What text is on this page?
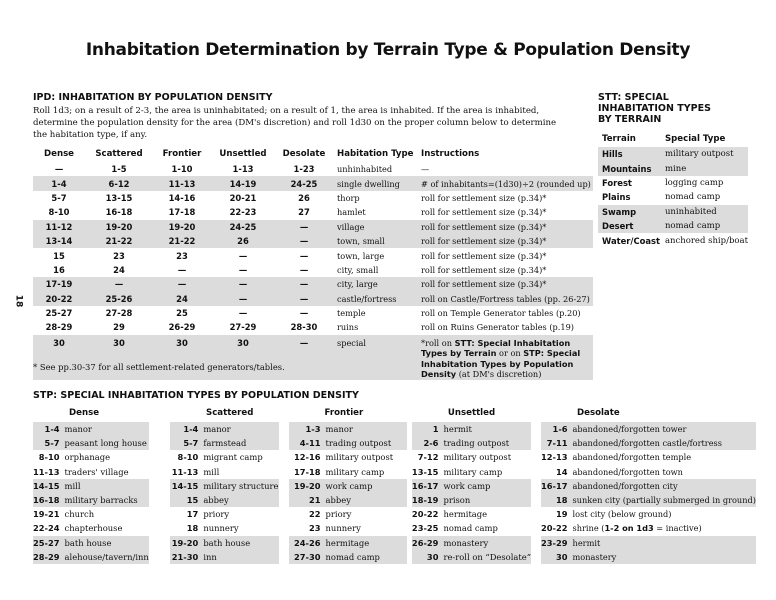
Inhabitation Determination by Terrain Type & Population Density
18
IPD: INHABITATION BY POPULATION DENSITY
Roll 1d3; on a result of 2-3, the area is uninhabitated; on a result of 1, the area is inhabited. If the area is inhabited, determine the population density for the area (DM's discretion) and roll 1d30 on the proper column below to determine the habitation type, if any.
Dense	Scattered	Frontier	Unsettled	Desolate	Habitation Type	Instructions
—	1-5	1-10	1-13	1-23	unhinhabited	—
1-4	6-12	11-13	14-19	24-25	single dwelling	# of inhabitants=(1d30)÷2 (rounded up)
5-7	13-15	14-16	20-21	26	thorp	roll for settlement size (p.34)*
8-10	16-18	17-18	22-23	27	hamlet	roll for settlement size (p.34)*
11-12	19-20	19-20	24-25	—	village	roll for settlement size (p.34)*
13-14	21-22	21-22	26	—	town, small	roll for settlement size (p.34)*
15	23	23	—	—	town, large	roll for settlement size (p.34)*
16	24	—	—	—	city, small	roll for settlement size (p.34)*
17-19	—	—	—	—	city, large	roll for settlement size (p.34)*
20-22	25-26	24	—	—	castle/fortress	roll on Castle/Fortress tables (pp. 26-27)
25-27	27-28	25	—	—	temple	roll on Temple Generator tables (p.20)
28-29	29	26-29	27-29	28-30	ruins	roll on Ruins Generator tables (p.19)
30	30	30	30	—	special	*roll on STT: Special Inhabitation Types by Terrain or on STP: Special Inhabitation Types by Population Density (at DM's discretion)
* See pp.30-37 for all settlement-related generators/tables.
STT: SPECIAL
INHABITATION TYPES
BY TERRAIN
Terrain	Special Type
Hills	military outpost
Mountains	mine
Forest	logging camp
Plains	nomad camp
Swamp	uninhabited
Desert	nomad camp
Water/Coast	anchored ship/boat
STP: SPECIAL INHABITATION TYPES BY POPULATION DENSITY
Dense
1-4	manor
5-7	peasant long house
8-10	orphanage
11-13	traders' village
14-15	mill
16-18	military barracks
19-21	church
22-24	chapterhouse
25-27	bath house
28-29	alehouse/tavern/inn
Scattered
1-4	manor
5-7	farmstead
8-10	migrant camp
11-13	mill
14-15	military structure
15	abbey
17	priory
18	nunnery
19-20	bath house
21-30	inn
Frontier
1-3	manor
4-11	trading outpost
12-16	military outpost
17-18	military camp
19-20	work camp
21	abbey
22	priory
23	nunnery
24-26	hermitage
27-30	nomad camp
Unsettled
1	hermit
2-6	trading outpost
7-12	military outpost
13-15	military camp
16-17	work camp
18-19	prison
20-22	hermitage
23-25	nomad camp
26-29	monastery
30	re-roll on “Desolate”
Desolate
1-6	abandoned/forgotten tower
7-11	abandoned/forgotten castle/fortress
12-13	abandoned/forgotten temple
14	abandoned/forgotten town
16-17	abandoned/forgotten city
18	sunken city (partially submerged in ground)
19	lost city (below ground)
20-22	shrine (1-2 on 1d3 = inactive)
23-29	hermit
30	monastery
